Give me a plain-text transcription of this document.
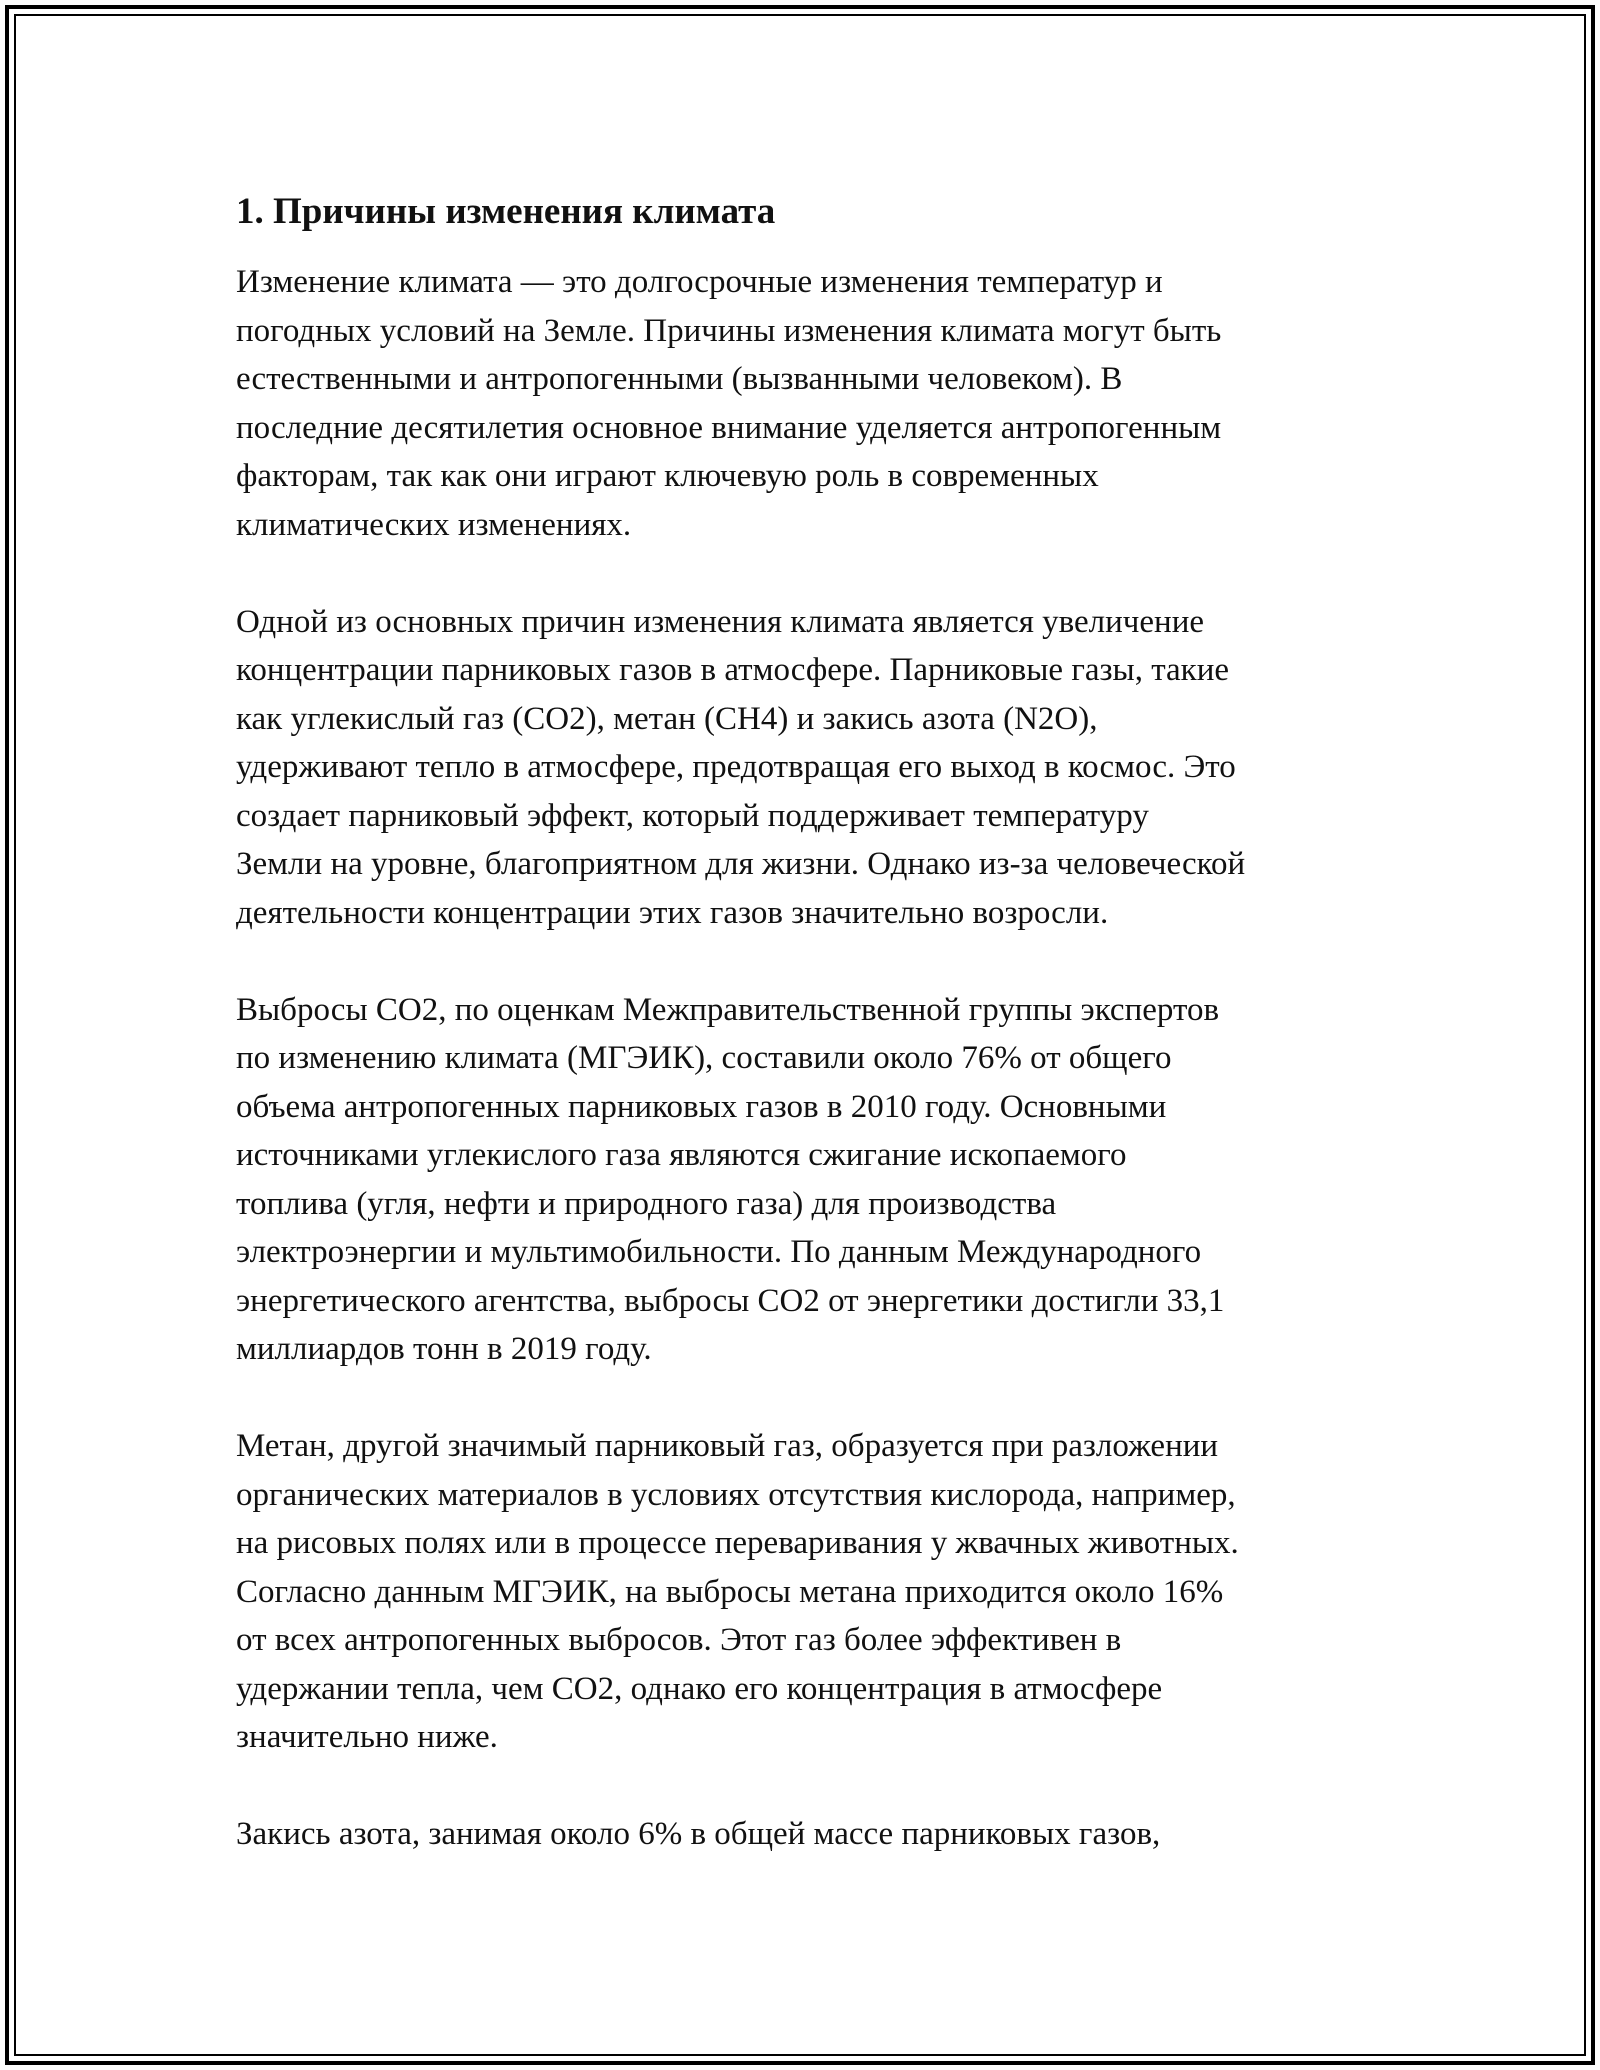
1. Причины изменения климата

Изменение климата — это долгосрочные изменения температур и
погодных условий на Земле. Причины изменения климата могут быть
естественными и антропогенными (вызванными человеком). В
последние десятилетия основное внимание уделяется антропогенным
факторам, так как они играют ключевую роль в современных
климатических изменениях.

Одной из основных причин изменения климата является увеличение
концентрации парниковых газов в атмосфере. Парниковые газы, такие
как углекислый газ (CO2), метан (CH4) и закись азота (N2O),
удерживают тепло в атмосфере, предотвращая его выход в космос. Это
создает парниковый эффект, который поддерживает температуру
Земли на уровне, благоприятном для жизни. Однако из-за человеческой
деятельности концентрации этих газов значительно возросли.

Выбросы CO2, по оценкам Межправительственной группы экспертов
по изменению климата (МГЭИК), составили около 76% от общего
объема антропогенных парниковых газов в 2010 году. Основными
источниками углекислого газа являются сжигание ископаемого
топлива (угля, нефти и природного газа) для производства
электроэнергии и мультимобильности. По данным Международного
энергетического агентства, выбросы CO2 от энергетики достигли 33,1
миллиардов тонн в 2019 году.

Метан, другой значимый парниковый газ, образуется при разложении
органических материалов в условиях отсутствия кислорода, например,
на рисовых полях или в процессе переваривания у жвачных животных.
Согласно данным МГЭИК, на выбросы метана приходится около 16%
от всех антропогенных выбросов. Этот газ более эффективен в
удержании тепла, чем CO2, однако его концентрация в атмосфере
значительно ниже.

Закись азота, занимая около 6% в общей массе парниковых газов,
